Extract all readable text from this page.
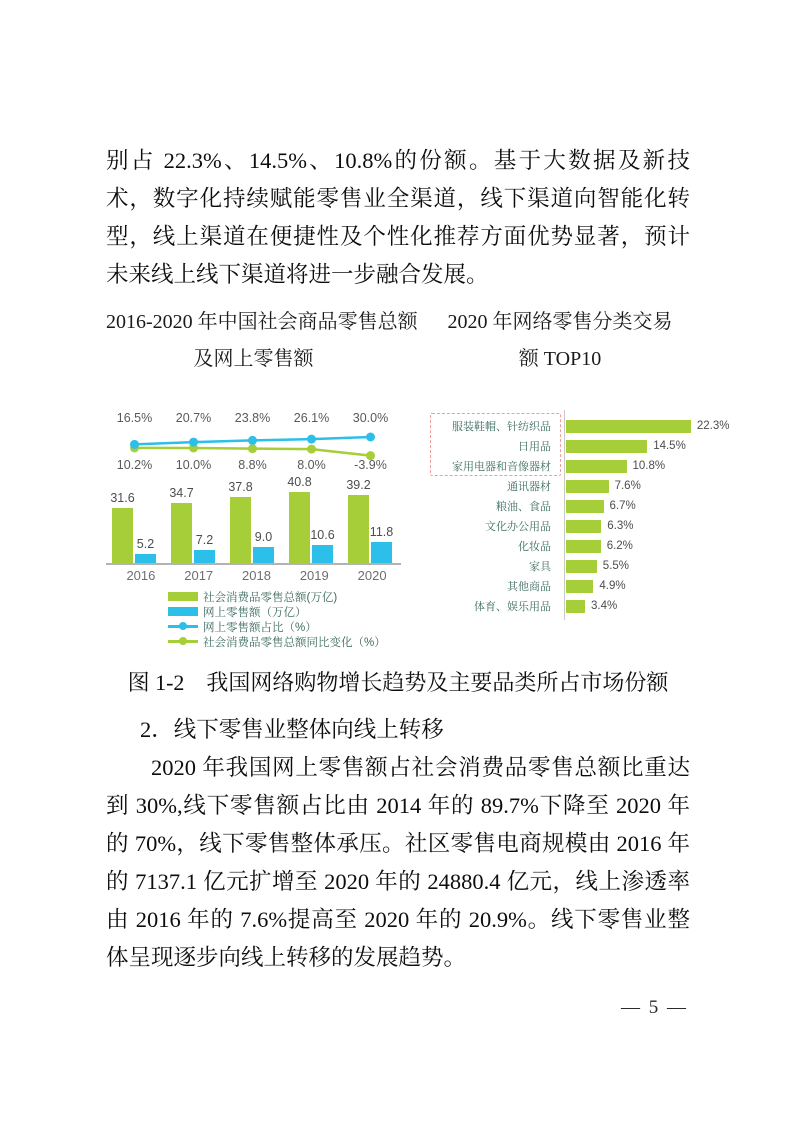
别占 22.3%、14.5%、10.8%的份额。基于大数据及新技术，数字化持续赋能零售业全渠道，线下渠道向智能化转型，线上渠道在便捷性及个性化推荐方面优势显著，预计未来线上线下渠道将进一步融合发展。

2016-2020 年中国社会商品零售总额
及网上零售额
2020 年网络零售分类交易
额 TOP10
31.6	34.7	37.8	40.8	39.2
5.2	7.2	9.0	10.6	11.8
16.5%	20.7%	23.8%	26.1%	30.0%
10.2%	10.0%	8.8%	8.0%	-3.9%
2016	2017	2018	2019	2020
社会消费品零售总额(万亿)
网上零售额（万亿）
网上零售额占比（%）
社会消费品零售总额同比变化（%）
服装鞋帽、针纺织品	22.3%
日用品	14.5%
家用电器和音像器材	10.8%
通讯器材	7.6%
粮油、食品	6.7%
文化办公用品	6.3%
化妆品	6.2%
家具	5.5%
其他商品	4.9%
体育、娱乐用品	3.4%
图 1-2　我国网络购物增长趋势及主要品类所占市场份额
2．线下零售业整体向线上转移

2020 年我国网上零售额占社会消费品零售总额比重达到 30%,线下零售额占比由 2014 年的 89.7%下降至 2020 年的 70%，线下零售整体承压。社区零售电商规模由 2016 年的 7137.1 亿元扩增至 2020 年的 24880.4 亿元，线上渗透率由 2016 年的 7.6%提高至 2020 年的 20.9%。线下零售业整体呈现逐步向线上转移的发展趋势。

— 5 —
